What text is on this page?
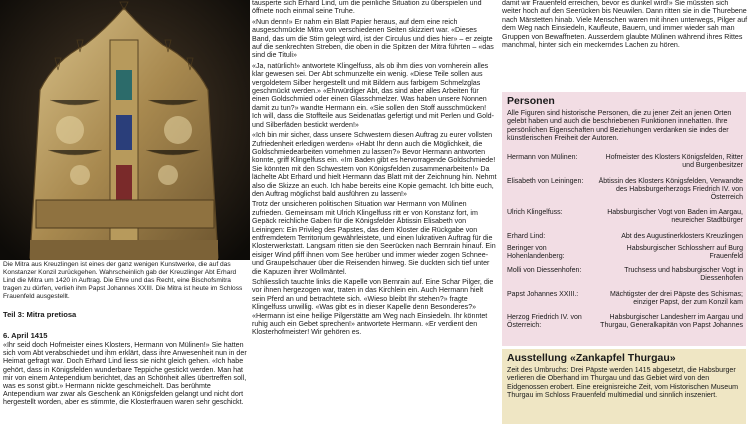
Die Mitra aus Kreuzlingen ist eines der ganz wenigen Kunstwerke, die auf das Konstanzer Konzil zurückgehen. Wahrscheinlich gab der Kreuzlinger Abt Erhard Lind die Mitra um 1420 in Auftrag. Die Ehre und das Recht, eine Bischofsmitra tragen zu dürfen, verlieh ihm Papst Johannes XXIII. Die Mitra ist heute im Schloss Frauenfeld ausgestellt.
Teil 3: Mitra pretiosa
6. April 1415
«Ihr seid doch Hofmeister eines Klosters, Hermann von Mülinen!» Sie hatten sich vom Abt verabschiedet und ihm erklärt, dass ihre Anwesenheit nun in der Heimat gefragt war. Doch Erhard Lind liess sie nicht gleich gehen. «Ich habe gehört, dass in Königsfelden wunderbare Teppiche gestickt werden. Man hat mir von einem Antependium berichtet, das an Schönheit alles übertreffen soll, was es sonst gibt.» Hermann nickte geschmeichelt. Das berühmte Antependium war zwar als Geschenk an Königsfelden gelangt und nicht dort hergestellt worden, aber es stimmte, die Klosterfrauen waren sehr geschickt.

tausperte sich Erhard Lind, um die peinliche Situation zu überspielen und öffnete noch einmal seine Truhe.

«Nun denn!» Er nahm ein Blatt Papier heraus, auf dem eine reich ausgeschmückte Mitra von verschiedenen Seiten skizziert war. «Dieses Band, das um die Stirn gelegt wird, ist der Circulus und dies hier» – er zeigte auf die senkrechten Streben, die oben in die Spitzen der Mitra führten – «das sind die Tituli»

«Ja, natürlich!» antwortete Klingelfuss, als ob ihm dies von vornherein alles klar gewesen sei. Der Abt schmunzelte ein wenig. «Diese Teile sollen aus vergoldetem Silber hergestellt und mit Bildern aus farbigem Schmelzglas geschmückt werden.» «Ehrwürdiger Abt, das sind aber alles Arbeiten für einen Goldschmied oder einen Glasschmelzer. Was haben unsere Nonnen damit zu tun?» wandte Hermann ein. «Sie sollen den Stoff ausschmücken! Ich will, dass die Stoffteile aus Seidenatlas gefertigt und mit Perlen und Gold- und Silberfäden bestickt werden!»

«Ich bin mir sicher, dass unsere Schwestern diesen Auftrag zu eurer vollsten Zufriedenheit erledigen werden» «Habt Ihr denn auch die Möglichkeit, die Goldschmiedearbeiten vornehmen zu lassen?» Bevor Hermann antworten konnte, griff Klingelfuss ein. «Im Baden gibt es hervorragende Goldschmiede! Sie könnten mit den Schwestern von Königsfelden zusammenarbeiten!» Da lächelte Abt Erhard und hielt Hermann das Blatt mit der Zeichnung hin. Nehmt also die Skizze an euch. Ich habe bereits eine Kopie gemacht. Ich bitte euch, den Auftrag möglichst bald ausführen zu lassen!»

Trotz der unsicheren politischen Situation war Hermann von Mülinen zufrieden. Gemeinsam mit Ulrich Klingelfuss ritt er von Konstanz fort, im Gepäck reichliche Gaben für die Königsfelder Äbtissin Elisabeth von Leiningen: Ein Privileg des Papstes, das dem Kloster die Rückgabe von entfremdetem Territorium gewährleistete, und einen lukrativen Auftrag für die Klosterwerkstatt. Langsam ritten sie den Seerücken nach Bernrain hinauf. Ein eisiger Wind pfiff ihnen vom See herüber und immer wieder zogen Schnee- und Graupelschauer über die Reisenden hinweg. Sie duckten sich tief unter die Kapuzen ihrer Wollmäntel.

Schliesslich tauchte links die Kapelle von Bernrain auf. Eine Schar Pilger, die vor ihnen hergezogen war, traten in das Kirchlein ein. Auch Hermann hielt sein Pferd an und betrachtete sich. «Wieso bleibt Ihr stehen?» fragte Klingelfuss unwillig. «Was gibt es in dieser Kapelle denn Besonderes?» «Hermann ist eine heilige Pilgerstätte am Weg nach Einsiedeln. Ihr könntet ruhig auch ein Gebet sprechen!» antwortete Hermann. «Er verdient den Klosterhofmeister! Wir gehören es.

damit wir Frauenfeld erreichen, bevor es dunkel wird!» Sie müssten sich weiter hoch auf den Seerücken bis Neuwilen. Dann ritten sie in die Thurebene nach Märstetten hinab. Viele Menschen waren mit ihnen unterwegs, Pilger auf dem Weg nach Einsiedeln, Kaufleute, Bauern, und immer wieder sah man Gruppen von Bewaffneten. Ausserdem glaubte Mülinen während ihres Rittes manchmal, hinter sich ein meckerndes Lachen zu hören.
Personen
Alle Figuren sind historische Personen, die zu jener Zeit an jenen Orten gelebt haben und auch die beschriebenen Funktionen innehatten. Ihre persönlichen Eigenschaften und Beziehungen verdanken sie indes der künstlerischen Freiheit der Autoren.
Hermann von Mülinen:	Hofmeister des Klosters Königsfelden, Ritter und Burgenbesitzer
Elisabeth von Leiningen:	Äbtissin des Klosters Königsfelden, Verwandte des Habsburgerherzogs Friedrich IV. von Österreich
Ulrich Klingelfuss:	Habsburgischer Vogt von Baden im Aargau, neureicher Stadtbürger
Erhard Lind:	Abt des Augustinerklosters Kreuzlingen
Beringer von Hohenlandenberg:
Habsburgischer Schlossherr auf Burg Frauenfeld
Molli von Diessenhofen:	Truchsess und habsburgischer Vogt in Diessenhofen
Papst Johannes XXIII.:	Mächtigster der drei Päpste des Schismas; einziger Papst, der zum Konzil kam
Herzog Friedrich IV. von Österreich:
Habsburgischer Landesherr im Aargau und Thurgau, Generalkapitän von Papst Johannes
Ausstellung «Zankapfel Thurgau»

Zeit des Umbruchs: Drei Päpste werden 1415 abgesetzt, die Habsburger verlieren die Oberhand im Thurgau und das Gebiet wird von den Eidgenossen erobert. Eine ereignisreiche Zeit, vom Historischen Museum Thurgau im Schloss Frauenfeld multimedial und sinnlich inszeniert.
